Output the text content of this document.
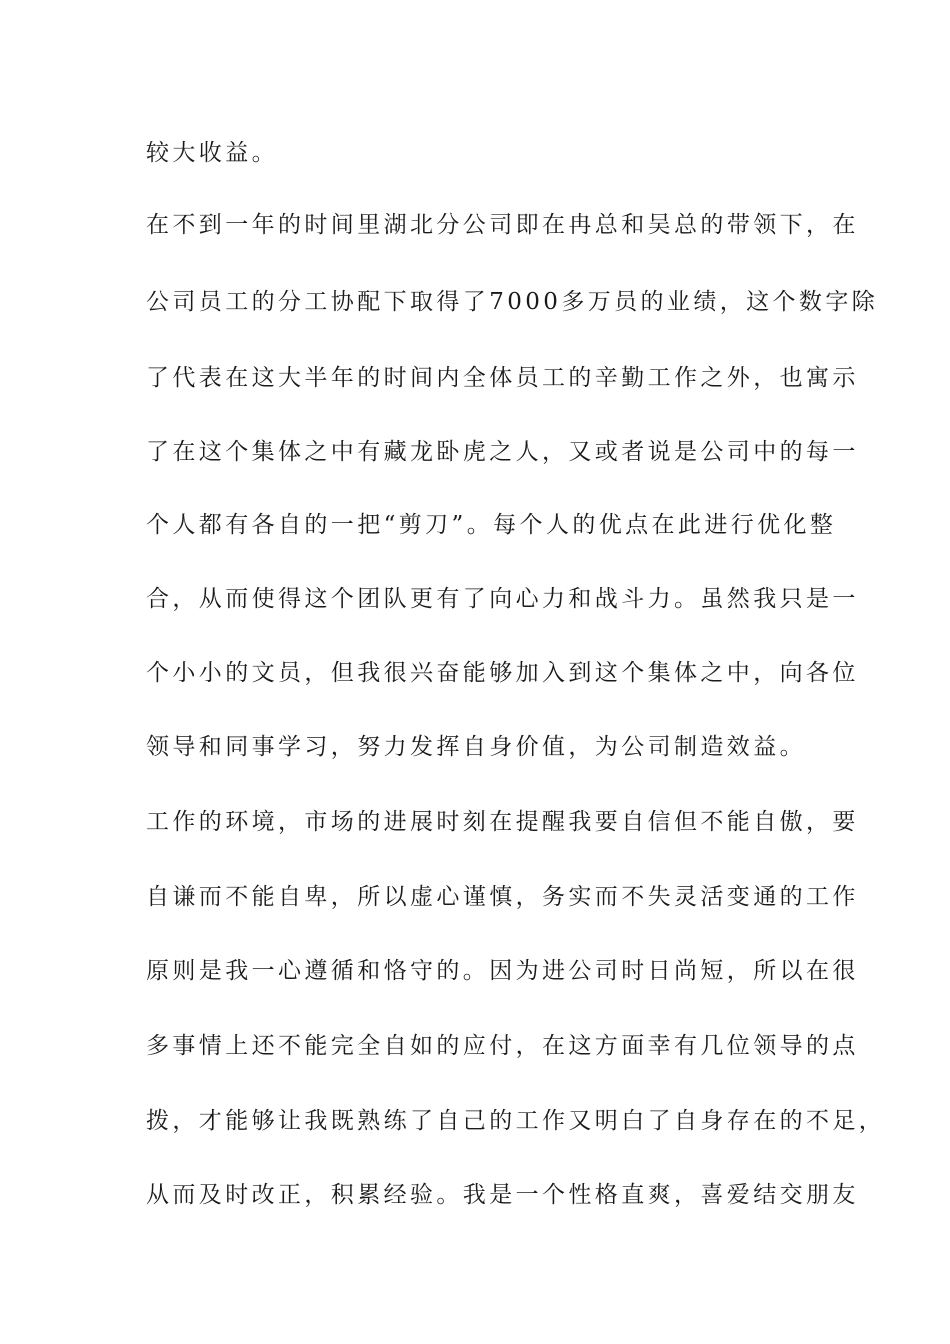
较大收益。
在不到一年的时间里湖北分公司即在冉总和吴总的带领下，在
公司员工的分工协配下取得了7000多万员的业绩，这个数字除
了代表在这大半年的时间内全体员工的辛勤工作之外，也寓示
了在这个集体之中有藏龙卧虎之人，又或者说是公司中的每一
个人都有各自的一把“剪刀”。每个人的优点在此进行优化整
合，从而使得这个团队更有了向心力和战斗力。虽然我只是一
个小小的文员，但我很兴奋能够加入到这个集体之中，向各位
领导和同事学习，努力发挥自身价值，为公司制造效益。
工作的环境，市场的进展时刻在提醒我要自信但不能自傲，要
自谦而不能自卑，所以虚心谨慎，务实而不失灵活变通的工作
原则是我一心遵循和恪守的。因为进公司时日尚短，所以在很
多事情上还不能完全自如的应付，在这方面幸有几位领导的点
拨，才能够让我既熟练了自己的工作又明白了自身存在的不足，
从而及时改正，积累经验。我是一个性格直爽，喜爱结交朋友
